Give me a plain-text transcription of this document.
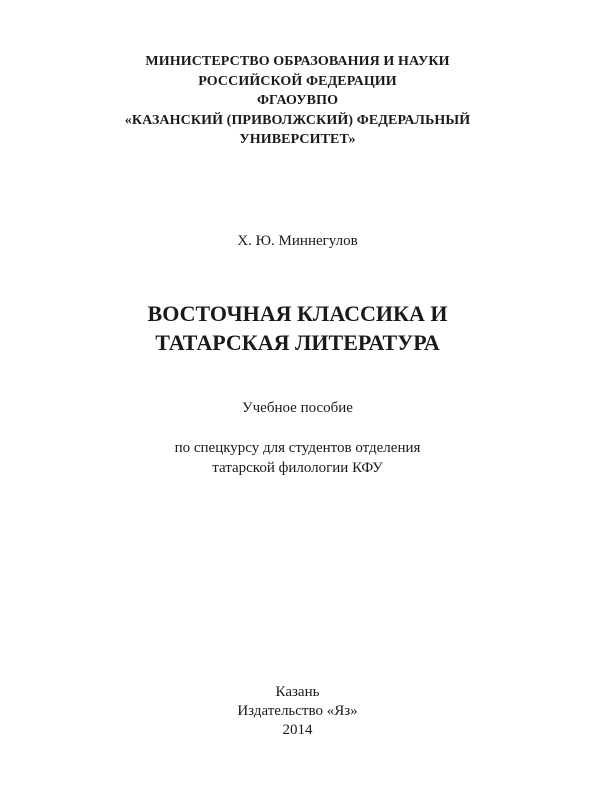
МИНИСТЕРСТВО ОБРАЗОВАНИЯ И НАУКИ
РОССИЙСКОЙ ФЕДЕРАЦИИ
ФГАОУВПО
«КАЗАНСКИЙ (ПРИВОЛЖСКИЙ) ФЕДЕРАЛЬНЫЙ
УНИВЕРСИТЕТ»
Х. Ю. Миннегулов
ВОСТОЧНАЯ КЛАССИКА И
ТАТАРСКАЯ ЛИТЕРАТУРА
Учебное пособие
по спецкурсу для студентов отделения
татарской филологии КФУ
Казань
Издательство «Яз»
2014
